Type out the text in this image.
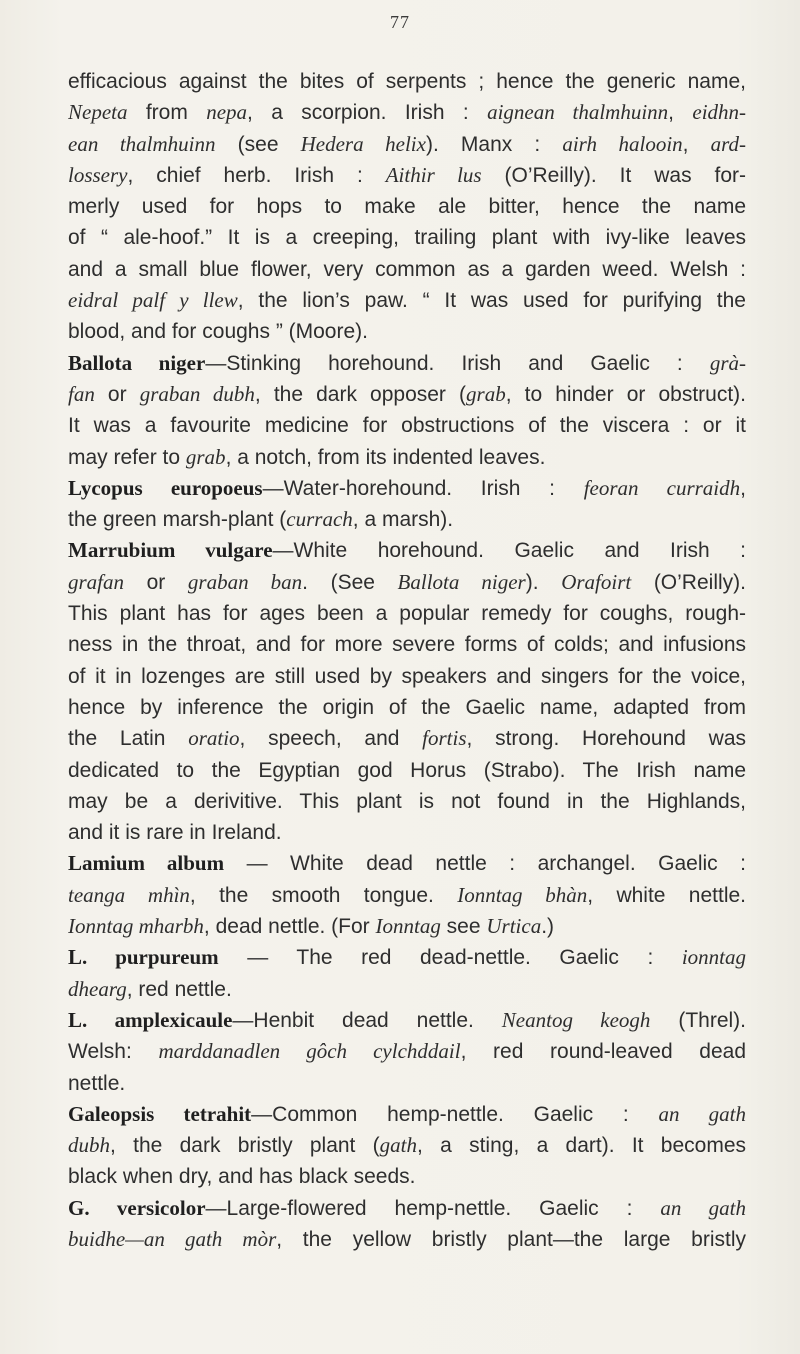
77
efficacious against the bites of serpents ; hence the generic name,
Nepeta from nepa, a scorpion. Irish : aignean thalmhuinn, eidhn-
ean thalmhuinn (see Hedera helix). Manx : airh halooin, ard-
lossery, chief herb. Irish : Aithir lus (O’Reilly). It was for-
merly used for hops to make ale bitter, hence the name
of “ ale-hoof.” It is a creeping, trailing plant with ivy-like leaves
and a small blue flower, very common as a garden weed. Welsh :
eidral palf y llew, the lion’s paw. “ It was used for purifying the
blood, and for coughs ” (Moore).
Ballota niger—Stinking horehound. Irish and Gaelic : grà-
fan or graban dubh, the dark opposer (grab, to hinder or obstruct).
It was a favourite medicine for obstructions of the viscera : or it
may refer to grab, a notch, from its indented leaves.
Lycopus europoeus—Water-horehound. Irish : feoran curraidh,
the green marsh-plant (currach, a marsh).
Marrubium vulgare—White horehound. Gaelic and Irish :
grafan or graban ban. (See Ballota niger). Orafoirt (O’Reilly).
This plant has for ages been a popular remedy for coughs, rough-
ness in the throat, and for more severe forms of colds; and infusions
of it in lozenges are still used by speakers and singers for the voice,
hence by inference the origin of the Gaelic name, adapted from
the Latin oratio, speech, and fortis, strong. Horehound was
dedicated to the Egyptian god Horus (Strabo). The Irish name
may be a derivitive. This plant is not found in the Highlands,
and it is rare in Ireland.
Lamium album — White dead nettle : archangel. Gaelic :
teanga mhìn, the smooth tongue. Ionntag bhàn, white nettle.
Ionntag mharbh, dead nettle. (For Ionntag see Urtica.)
L. purpureum — The red dead-nettle. Gaelic : ionntag
dhearg, red nettle.
L. amplexicaule—Henbit dead nettle. Neantog keogh (Threl).
Welsh: marddanadlen gôch cylchddail, red round-leaved dead
nettle.
Galeopsis tetrahit—Common hemp-nettle. Gaelic : an gath
dubh, the dark bristly plant (gath, a sting, a dart). It becomes
black when dry, and has black seeds.
G. versicolor—Large-flowered hemp-nettle. Gaelic : an gath
buidhe—an gath mòr, the yellow bristly plant—the large bristly
